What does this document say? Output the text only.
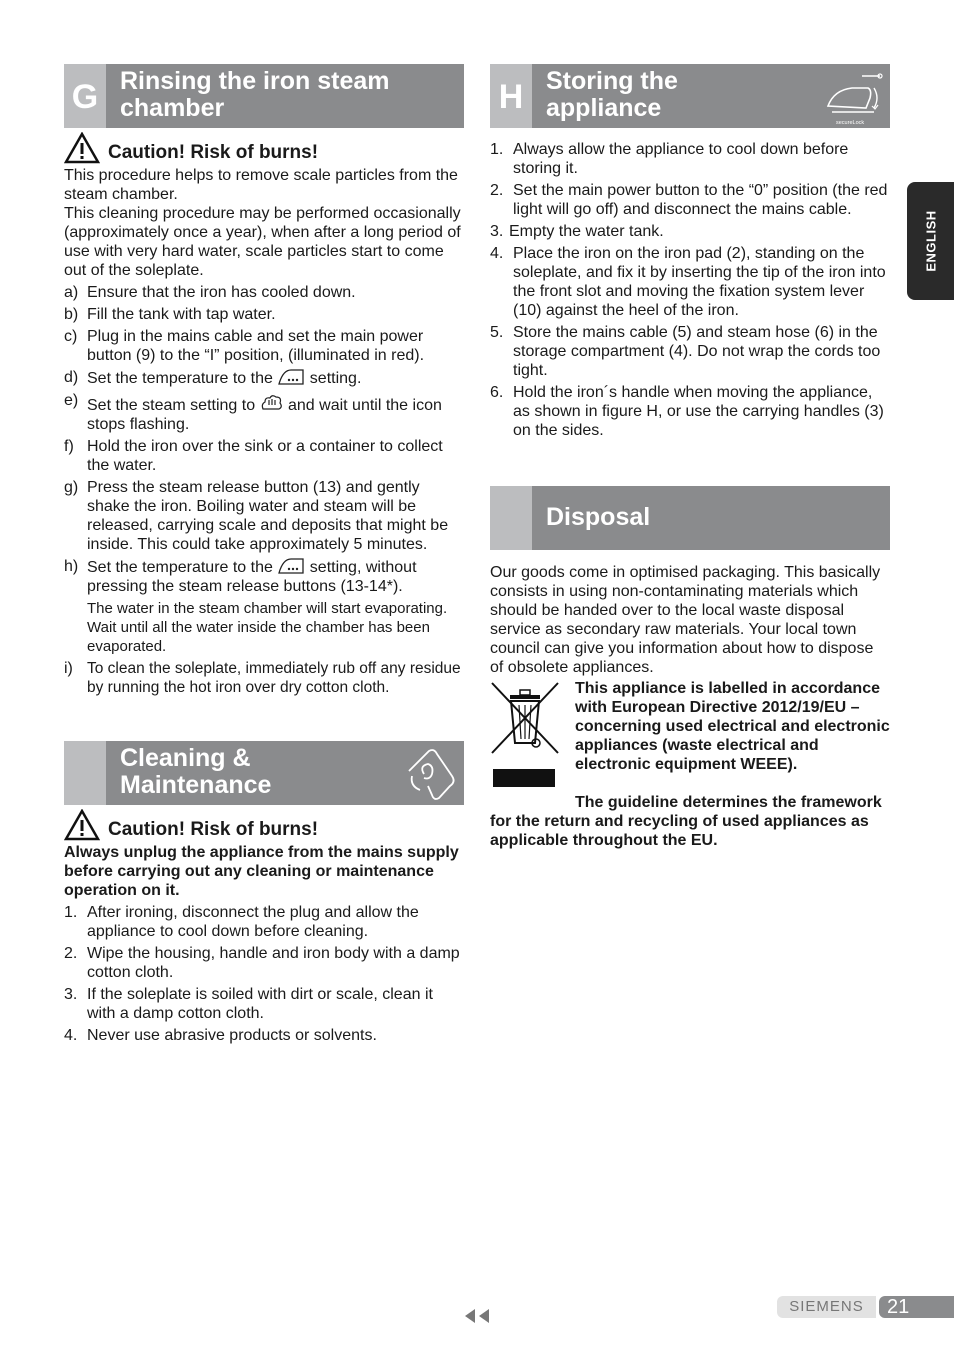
ENGLISH
G Rinsing the iron steam
chamber
Caution! Risk of burns!

This procedure helps to remove scale particles from the steam chamber.

This cleaning procedure may be performed occasionally (approximately once a year), when after a long period of use with very hard water, scale particles start to come out of the soleplate.

a) Ensure that the iron has cooled down.
b) Fill the tank with tap water.
c) Plug in the mains cable and set the main power button (9) to the “I” position, (illuminated in red).
d) Set the temperature to the setting.
e) Set the steam setting to and wait until the icon stops flashing.
f) Hold the iron over the sink or a container to collect the water.
g) Press the steam release button (13) and gently shake the iron. Boiling water and steam will be released, carrying scale and deposits that might be inside. This could take approximately 5 minutes.
h) Set the temperature to the setting, without pressing the steam release buttons (13-14*).
The water in the steam chamber will start evaporating. Wait until all the water inside the chamber has been evaporated.
i) To clean the soleplate, immediately rub off any residue by running the hot iron over dry cotton cloth.
Cleaning &
Maintenance
Caution! Risk of burns!

Always unplug the appliance from the mains supply before carrying out any cleaning or maintenance operation on it.

1. After ironing, disconnect the plug and allow the appliance to cool down before cleaning.
2. Wipe the housing, handle and iron body with a damp cotton cloth.
3. If the soleplate is soiled with dirt or scale, clean it with a damp cotton cloth.
4. Never use abrasive products or solvents.
H Storing the
appliance
secureLock
1. Always allow the appliance to cool down before storing it.
2. Set the main power button to the “0” position (the red light will go off) and disconnect the mains cable.
3. Empty the water tank.
4. Place the iron on the iron pad (2), standing on the soleplate, and fix it by inserting the tip of the iron into the front slot and moving the fixation system lever (10) against the heel of the iron.
5. Store the mains cable (5) and steam hose (6) in the storage compartment (4). Do not wrap the cords too tight.
6. Hold the iron´s handle when moving the appliance, as shown in figure H, or use the carrying handles (3) on the sides.
Disposal

Our goods come in optimised packaging. This basically consists in using non-contaminating materials which should be handed over to the local waste disposal service as secondary raw materials. Your local town council can give you information about how to dispose of obsolete appliances.

This appliance is labelled in accordance with European Directive 2012/19/EU –concerning used electrical and electronic appliances (waste electrical and electronic equipment WEEE).

The guideline determines the framework for the return and recycling of used appliances as applicable throughout the EU.

SIEMENS	21
